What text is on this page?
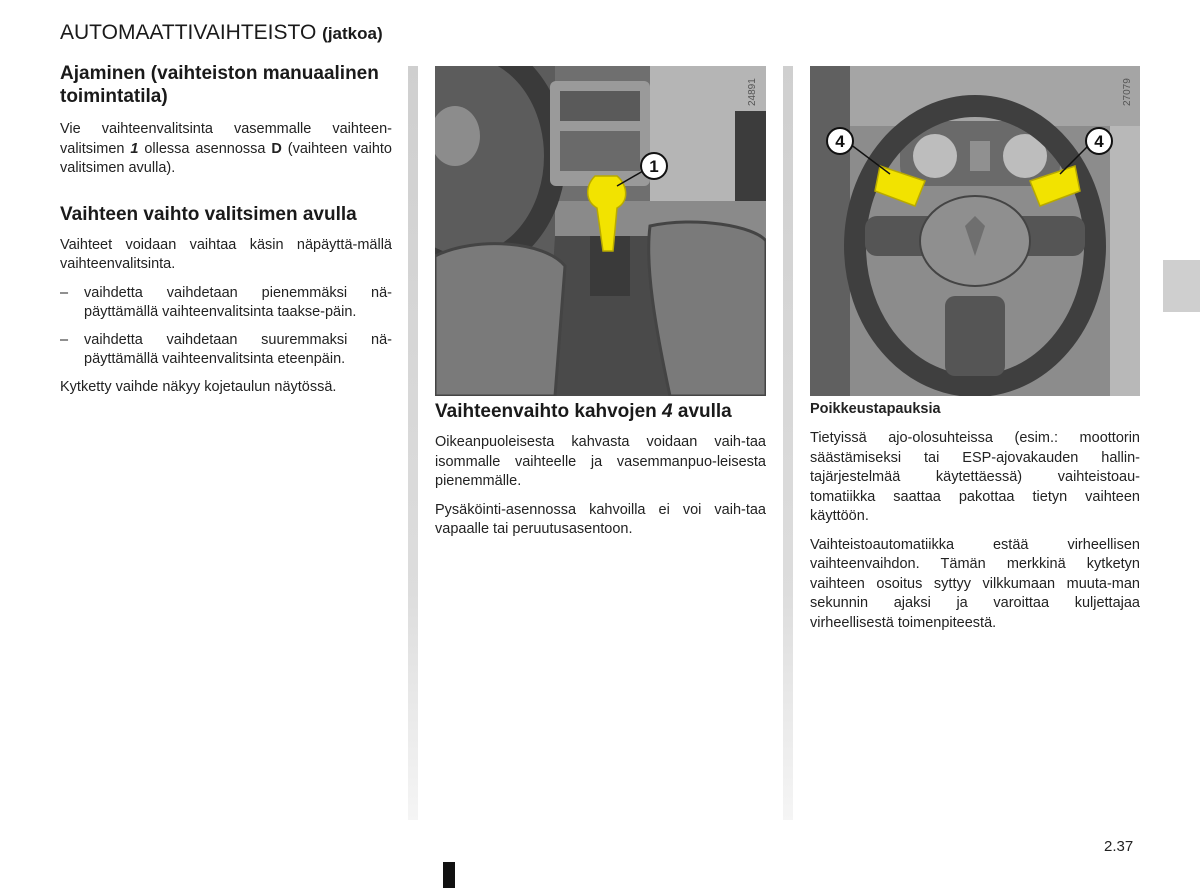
AUTOMAATTIVAIHTEISTO (jatkoa)
Ajaminen (vaihteiston manuaalinen toimintatila)

Vie vaihteenvalitsinta vasemmalle vaihteen-valitsimen 1 ollessa asennossa D (vaihteen vaihto valitsimen avulla).

Vaihteen vaihto valitsimen avulla

Vaihteet voidaan vaihtaa käsin näpäyttä-mällä vaihteenvalitsinta.

– vaihdetta vaihdetaan pienemmäksi nä-päyttämällä vaihteenvalitsinta taakse-päin.
– vaihdetta vaihdetaan suuremmaksi nä-päyttämällä vaihteenvalitsinta eteenpäin.

Kytketty vaihde näkyy kojetaulun näytössä.

1
24891
4	4
27079
Vaihteenvaihto kahvojen 4 avulla

Oikeanpuoleisesta kahvasta voidaan vaih-taa isommalle vaihteelle ja vasemmanpuo-leisesta pienemmälle.

Pysäköinti-asennossa kahvoilla ei voi vaih-taa vapaalle tai peruutusasentoon.

Poikkeustapauksia

Tietyissä ajo-olosuhteissa (esim.: moottorin säästämiseksi tai ESP-ajovakauden hallin-tajärjestelmää käytettäessä) vaihteistoau-tomatiikka saattaa pakottaa tietyn vaihteen käyttöön.

Vaihteistoautomatiikka estää virheellisen vaihteenvaihdon. Tämän merkkinä kytketyn vaihteen osoitus syttyy vilkkumaan muuta-man sekunnin ajaksi ja varoittaa kuljettajaa virheellisestä toimenpiteestä.

2.37
